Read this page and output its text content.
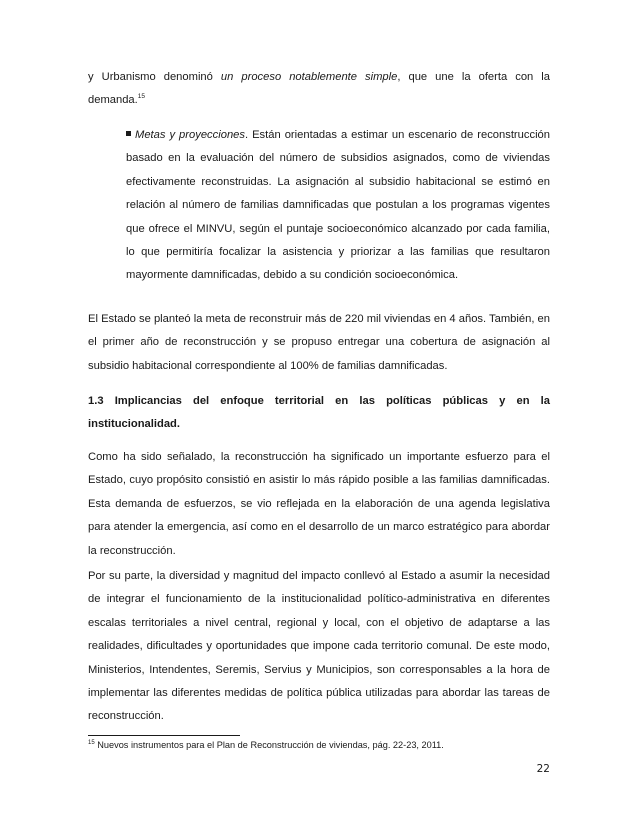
y Urbanismo denominó un proceso notablemente simple, que une la oferta con la demanda.$^{15}$

Metas y proyecciones. Están orientadas a estimar un escenario de reconstrucción basado en la evaluación del número de subsidios asignados, como de viviendas efectivamente reconstruidas. La asignación al subsidio habitacional se estimó en relación al número de familias damnificadas que postulan a los programas vigentes que ofrece el MINVU, según el puntaje socioeconómico alcanzado por cada familia, lo que permitiría focalizar la asistencia y priorizar a las familias que resultaron mayormente damnificadas, debido a su condición socioeconómica.

El Estado se planteó la meta de reconstruir más de 220 mil viviendas en 4 años. También, en el primer año de reconstrucción y se propuso entregar una cobertura de asignación al subsidio habitacional correspondiente al 100% de familias damnificadas.

1.3 Implicancias del enfoque territorial en las políticas públicas y en la institucionalidad.

Como ha sido señalado, la reconstrucción ha significado un importante esfuerzo para el Estado, cuyo propósito consistió en asistir lo más rápido posible a las familias damnificadas. Esta demanda de esfuerzos, se vio reflejada en la elaboración de una agenda legislativa para atender la emergencia, así como en el desarrollo de un marco estratégico para abordar la reconstrucción.

Por su parte, la diversidad y magnitud del impacto conllevó al Estado a asumir la necesidad de integrar el funcionamiento de la institucionalidad político-administrativa en diferentes escalas territoriales a nivel central, regional y local, con el objetivo de adaptarse a las realidades, dificultades y oportunidades que impone cada territorio comunal. De este modo, Ministerios, Intendentes, Seremis, Servius y Municipios, son corresponsables a la hora de implementar las diferentes medidas de política pública utilizadas para abordar las tareas de reconstrucción.

$^{15}$ Nuevos instrumentos para el Plan de Reconstrucción de viviendas, pág. 22-23, 2011.
22
